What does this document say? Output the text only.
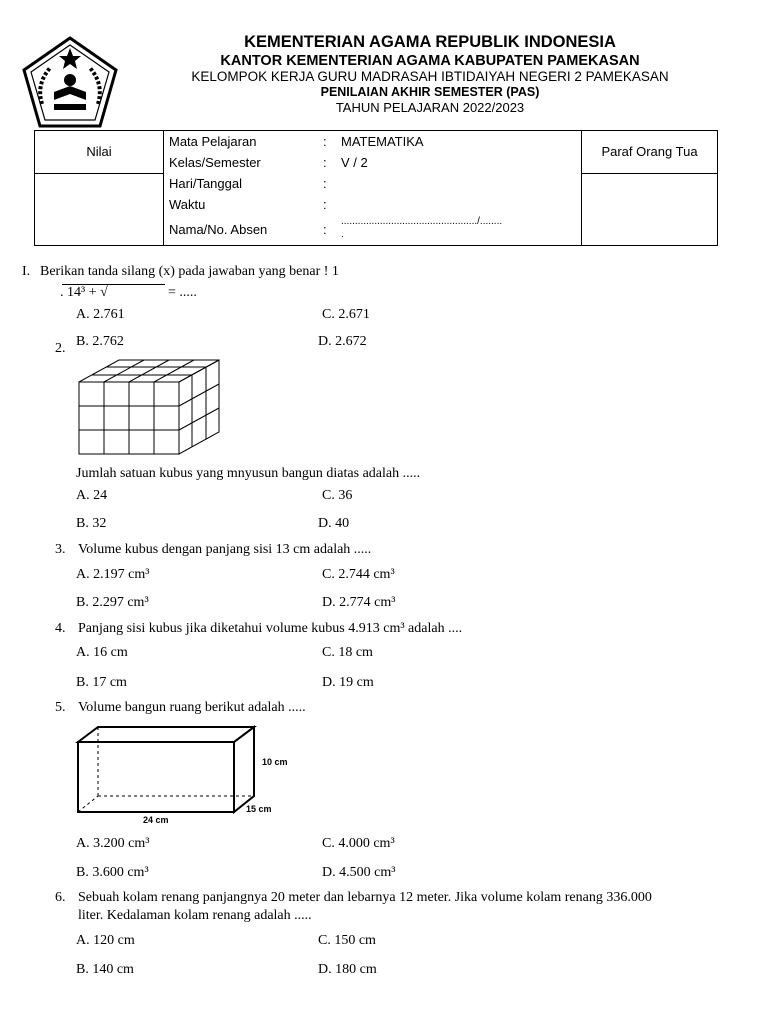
KEMENTERIAN AGAMA REPUBLIK INDONESIA
KANTOR KEMENTERIAN AGAMA KABUPATEN PAMEKASAN
KELOMPOK KERJA GURU MADRASAH IBTIDAIYAH NEGERI 2 PAMEKASAN
PENILAIAN AKHIR SEMESTER (PAS)
TAHUN PELAJARAN 2022/2023
Nilai	Paraf Orang Tua
Mata Pelajaran	: MATEMATIKA
Kelas/Semester	: V / 2
Hari/Tanggal	:
Waktu	:
Nama/No. Absen	:
................................................./........
.
I. Berikan tanda silang (x) pada jawaban yang benar ! 1
. 14³ + √	= .....
A. 2.761	C. 2.671
B. 2.762	D. 2.672
2.
Jumlah satuan kubus yang mnyusun bangun diatas adalah .....
A. 24	C. 36
B. 32	D. 40
3. Volume kubus dengan panjang sisi 13 cm adalah .....
A. 2.197 cm³	C. 2.744 cm³
B. 2.297 cm³	D. 2.774 cm³
4. Panjang sisi kubus jika diketahui volume kubus 4.913 cm³ adalah ....
A. 16 cm	C. 18 cm
B. 17 cm	D. 19 cm
5. Volume bangun ruang berikut adalah .....
10 cm
15 cm
24 cm
A. 3.200 cm³	C. 4.000 cm³
B. 3.600 cm³	D. 4.500 cm³
6. Sebuah kolam renang panjangnya 20 meter dan lebarnya 12 meter. Jika volume kolam renang 336.000
liter. Kedalaman kolam renang adalah .....
A. 120 cm	C. 150 cm
B. 140 cm	D. 180 cm
